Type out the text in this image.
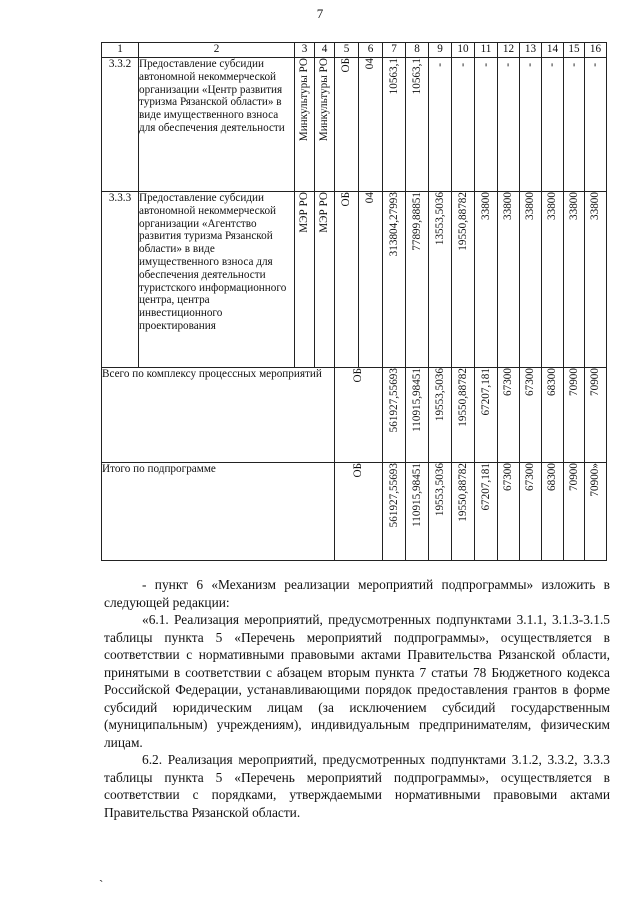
7
1	2	3	4	5	6	7	8	9	10	11	12	13	14	15	16
3.3.2	Предоставление субсидии автономной некоммерческой организации «Центр развития туризма Рязанской области» в виде имущественного взноса для обеспечения деятельности	Минкультуры РО	Минкультуры РО	ОБ	04	10563,1	10563,1	-	-	-	-	-	-	-	-
3.3.3	Предоставление субсидии автономной некоммерческой организации «Агентство развития туризма Рязанской области» в виде имущественного взноса для обеспечения деятельности туристского информационного центра, центра инвестиционного проектирования	МЭР РО	МЭР РО	ОБ	04	313804,27993	77899,88851	13553,5036	19550,88782	33800	33800	33800	33800	33800	33800
Всего по комплексу процессных мероприятий				ОБ		561927,55693	110915,98451	19553,5036	19550,88782	67207,181	67300	67300	68300	70900	70900
Итого по подпрограмме				ОБ		561927,55693	110915,98451	19553,5036	19550,88782	67207,181	67300	67300	68300	70900	70900»

- пункт 6 «Механизм реализации мероприятий подпрограммы» изложить в следующей редакции:

«6.1. Реализация мероприятий, предусмотренных подпунктами 3.1.1, 3.1.3-3.1.5 таблицы пункта 5 «Перечень мероприятий подпрограммы», осуществляется в соответствии с нормативными правовыми актами Правительства Рязанской области, принятыми в соответствии с абзацем вторым пункта 7 статьи 78 Бюджетного кодекса Российской Федерации, устанавливающими порядок предоставления грантов в форме субсидий юридическим лицам (за исключением субсидий государственным (муниципальным) учреждениям), индивидуальным предпринимателям, физическим лицам.

6.2. Реализация мероприятий, предусмотренных подпунктами 3.1.2, 3.3.2, 3.3.3 таблицы пункта 5 «Перечень мероприятий подпрограммы», осуществляется в соответствии с порядками, утверждаемыми нормативными правовыми актами Правительства Рязанской области.

`
